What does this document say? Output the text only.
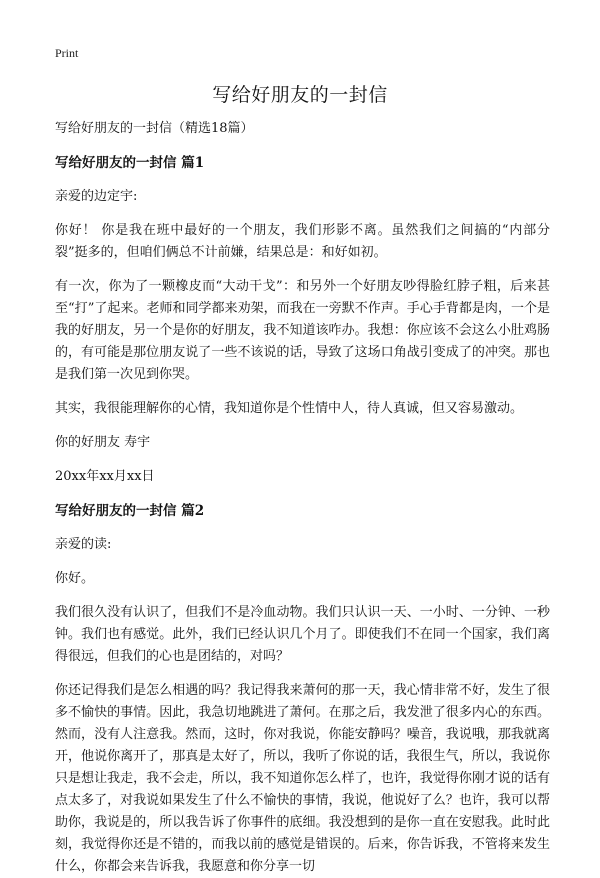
Print
写给好朋友的一封信

写给好朋友的一封信（精选18篇）

写给好朋友的一封信 篇1

亲爱的边定宇:

你好！ 你是我在班中最好的一个朋友，我们形影不离。虽然我们之间搞的“内部分裂”挺多的，但咱们俩总不计前嫌，结果总是：和好如初。

有一次，你为了一颗橡皮而“大动干戈”：和另外一个好朋友吵得脸红脖子粗，后来甚至“打”了起来。老师和同学都来劝架，而我在一旁默不作声。手心手背都是肉，一个是我的好朋友，另一个是你的好朋友，我不知道该咋办。我想：你应该不会这么小肚鸡肠的，有可能是那位朋友说了一些不该说的话，导致了这场口角战引变成了的冲突。那也是我们第一次见到你哭。

其实，我很能理解你的心情，我知道你是个性情中人，待人真诚，但又容易激动。

你的好朋友 寿宇

20xx年xx月xx日

写给好朋友的一封信 篇2

亲爱的读:

你好。

我们很久没有认识了，但我们不是冷血动物。我们只认识一天、一小时、一分钟、一秒钟。我们也有感觉。此外，我们已经认识几个月了。即使我们不在同一个国家，我们离得很远，但我们的心也是团结的，对吗？

你还记得我们是怎么相遇的吗？我记得我来萧何的那一天，我心情非常不好，发生了很多不愉快的事情。因此，我急切地跳进了萧何。在那之后，我发泄了很多内心的东西。然而，没有人注意我。然而，这时，你对我说，你能安静吗？噪音，我说哦，那我就离开，他说你离开了，那真是太好了，所以，我听了你说的话，我很生气，所以，我说你只是想让我走，我不会走，所以，我不知道你怎么样了，也许，我觉得你刚才说的话有点太多了，对我说如果发生了什么不愉快的事情，我说，他说好了么？也许，我可以帮助你，我说是的，所以我告诉了你事件的底细。我没想到的是你一直在安慰我。此时此刻，我觉得你还是不错的，而我以前的感觉是错误的。后来，你告诉我，不管将来发生什么，你都会来告诉我，我愿意和你分享一切
